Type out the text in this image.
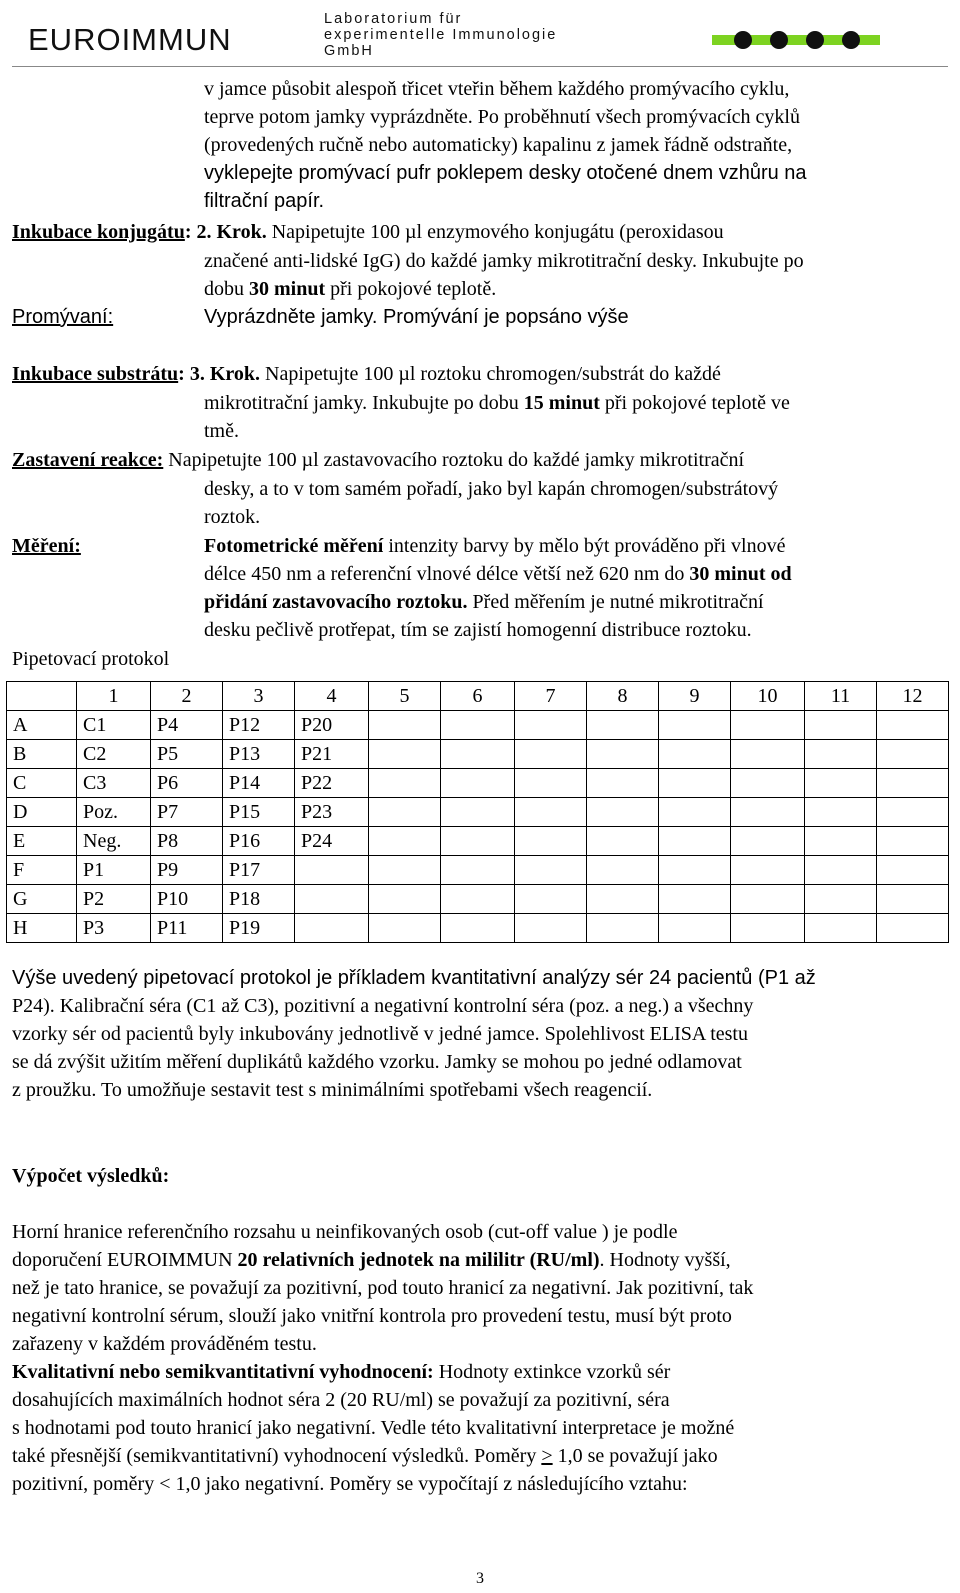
EUROIMMUN
Laboratorium für
experimentelle Immunologie
GmbH
v jamce působit alespoň třicet vteřin během každého promývacího cyklu,
teprve potom jamky vyprázdněte. Po proběhnutí všech promývacích cyklů
(provedených ručně nebo automaticky) kapalinu z jamek řádně odstraňte,
vyklepejte promývací pufr poklepem desky otočené dnem vzhůru na
filtrační papír.
Inkubace konjugátu: 2. Krok. Napipetujte 100 µl enzymového konjugátu (peroxidasou
značené anti-lidské IgG) do každé jamky mikrotitrační desky. Inkubujte po
dobu 30 minut při pokojové teplotě.
Promývaní:	Vyprázdněte jamky. Promývání je popsáno výše
Inkubace substrátu: 3. Krok. Napipetujte 100 µl roztoku chromogen/substrát do každé
mikrotitrační jamky. Inkubujte po dobu 15 minut při pokojové teplotě ve
tmě.
Zastavení reakce: Napipetujte 100 µl zastavovacího roztoku do každé jamky mikrotitrační
desky, a to v tom samém pořadí, jako byl kapán chromogen/substrátový
roztok.
Měření:	Fotometrické měření intenzity barvy by mělo být prováděno při vlnové
délce 450 nm a referenční vlnové délce větší než 620 nm do 30 minut od
přidání zastavovacího roztoku. Před měřením je nutné mikrotitrační
desku pečlivě protřepat, tím se zajistí homogenní distribuce roztoku.
Pipetovací protokol
	1	2	3	4	5	6	7	8	9	10	11	12
A	C1	P4	P12	P20								
B	C2	P5	P13	P21								
C	C3	P6	P14	P22								
D	Poz.	P7	P15	P23								
E	Neg.	P8	P16	P24								
F	P1	P9	P17									
G	P2	P10	P18									
H	P3	P11	P19									
Výše uvedený pipetovací protokol je příkladem kvantitativní analýzy sér 24 pacientů (P1 až
P24). Kalibrační séra (C1 až C3), pozitivní a negativní kontrolní séra (poz. a neg.) a všechny
vzorky sér od pacientů byly inkubovány jednotlivě v jedné jamce. Spolehlivost ELISA testu
se dá zvýšit užitím měření duplikátů každého vzorku. Jamky se mohou po jedné odlamovat
z proužku. To umožňuje sestavit test s minimálními spotřebami všech reagencií.
Výpočet výsledků:
Horní hranice referenčního rozsahu u neinfikovaných osob (cut-off value ) je podle
doporučení EUROIMMUN 20 relativních jednotek na mililitr (RU/ml). Hodnoty vyšší,
než je tato hranice, se považují za pozitivní, pod touto hranicí za negativní. Jak pozitivní, tak
negativní kontrolní sérum, slouží jako vnitřní kontrola pro provedení testu, musí být proto
zařazeny v každém prováděném testu.
Kvalitativní nebo semikvantitativní vyhodnocení: Hodnoty extinkce vzorků sér
dosahujících maximálních hodnot séra 2 (20 RU/ml) se považují za pozitivní, séra
s hodnotami pod touto hranicí jako negativní. Vedle této kvalitativní interpretace je možné
také přesnější (semikvantitativní) vyhodnocení výsledků. Poměry > 1,0 se považují jako
pozitivní, poměry < 1,0 jako negativní. Poměry se vypočítají z následujícího vztahu:
3
